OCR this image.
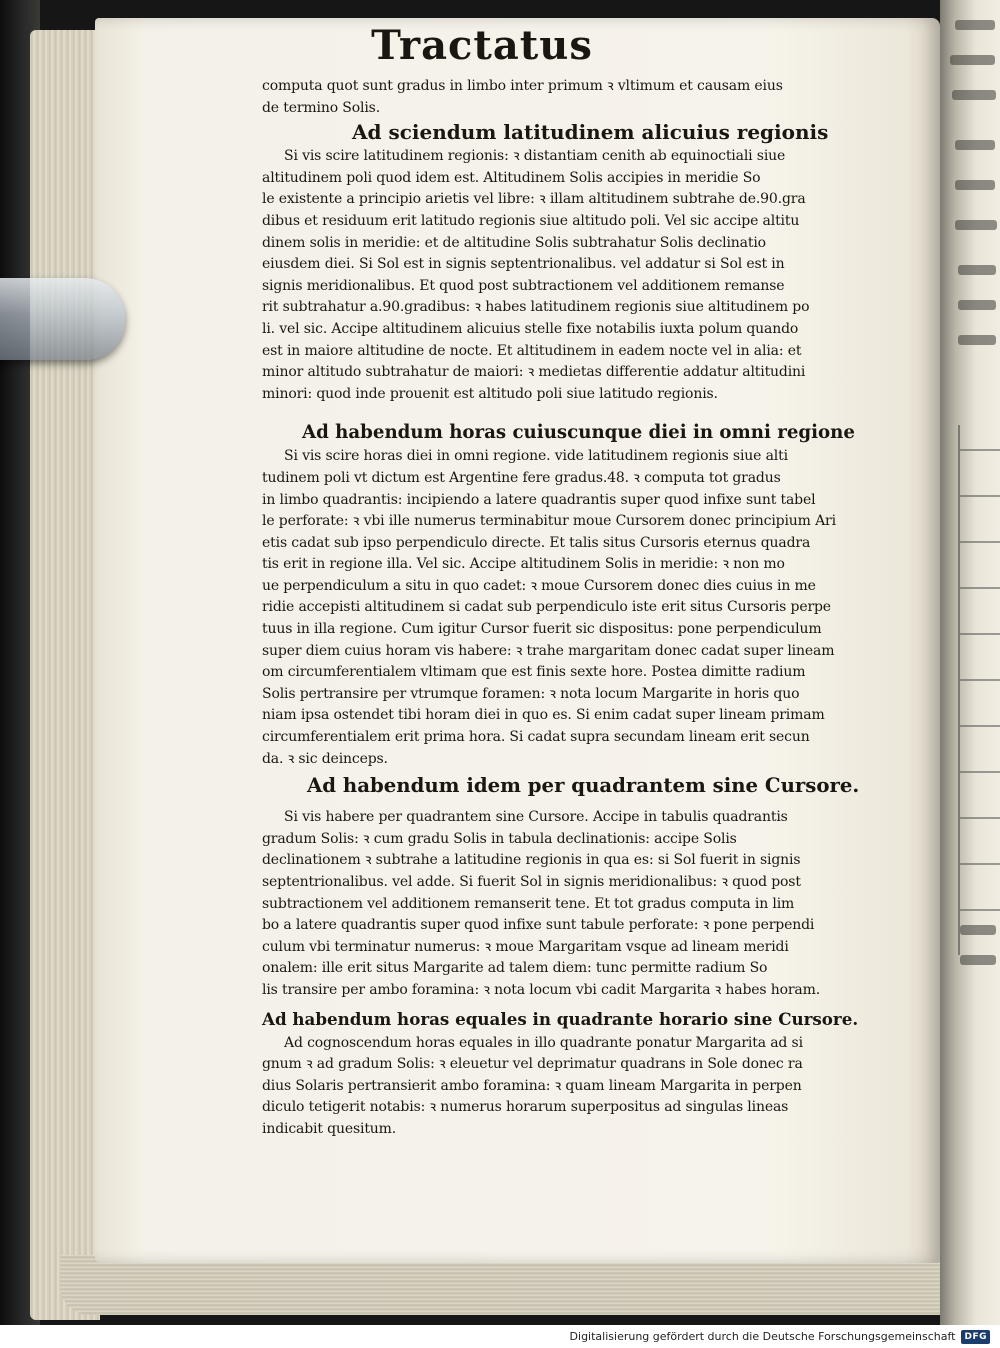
Tractatus
computa quot sunt gradus in limbo inter primum ꝛ vltimum et causam eius
de termino Solis.
Ad sciendum latitudinem alicuius regionis
Si vis scire latitudinem regionis: ꝛ distantiam cenith ab equinoctiali siue
altitudinem poli quod idem est. Altitudinem Solis accipies in meridie So
le existente a principio arietis vel libre: ꝛ illam altitudinem subtrahe de.90.gra
dibus et residuum erit latitudo regionis siue altitudo poli. Vel sic accipe altitu
dinem solis in meridie: et de altitudine Solis subtrahatur Solis declinatio
eiusdem diei. Si Sol est in signis septentrionalibus. vel addatur si Sol est in
signis meridionalibus. Et quod post subtractionem vel additionem remanse
rit subtrahatur a.90.gradibus: ꝛ habes latitudinem regionis siue altitudinem po
li. vel sic. Accipe altitudinem alicuius stelle fixe notabilis iuxta polum quando
est in maiore altitudine de nocte. Et altitudinem in eadem nocte vel in alia: et
minor altitudo subtrahatur de maiori: ꝛ medietas differentie addatur altitudini
minori: quod inde prouenit est altitudo poli siue latitudo regionis.
Ad habendum horas cuiuscunque diei in omni regione
Si vis scire horas diei in omni regione. vide latitudinem regionis siue alti
tudinem poli vt dictum est Argentine fere gradus.48. ꝛ computa tot gradus
in limbo quadrantis: incipiendo a latere quadrantis super quod infixe sunt tabel
le perforate: ꝛ vbi ille numerus terminabitur moue Cursorem donec principium Ari
etis cadat sub ipso perpendiculo directe. Et talis situs Cursoris eternus quadra
tis erit in regione illa. Vel sic. Accipe altitudinem Solis in meridie: ꝛ non mo
ue perpendiculum a situ in quo cadet: ꝛ moue Cursorem donec dies cuius in me
ridie accepisti altitudinem si cadat sub perpendiculo iste erit situs Cursoris perpe
tuus in illa regione. Cum igitur Cursor fuerit sic dispositus: pone perpendiculum
super diem cuius horam vis habere: ꝛ trahe margaritam donec cadat super lineam
om circumferentialem vltimam que est finis sexte hore. Postea dimitte radium
Solis pertransire per vtrumque foramen: ꝛ nota locum Margarite in horis quo
niam ipsa ostendet tibi horam diei in quo es. Si enim cadat super lineam primam
circumferentialem erit prima hora. Si cadat supra secundam lineam erit secun
da. ꝛ sic deinceps.
Ad habendum idem per quadrantem sine Cursore.
Si vis habere per quadrantem sine Cursore. Accipe in tabulis quadrantis
gradum Solis: ꝛ cum gradu Solis in tabula declinationis: accipe Solis
declinationem ꝛ subtrahe a latitudine regionis in qua es: si Sol fuerit in signis
septentrionalibus. vel adde. Si fuerit Sol in signis meridionalibus: ꝛ quod post
subtractionem vel additionem remanserit tene. Et tot gradus computa in lim
bo a latere quadrantis super quod infixe sunt tabule perforate: ꝛ pone perpendi
culum vbi terminatur numerus: ꝛ moue Margaritam vsque ad lineam meridi
onalem: ille erit situs Margarite ad talem diem: tunc permitte radium So
lis transire per ambo foramina: ꝛ nota locum vbi cadit Margarita ꝛ habes horam.
Ad habendum horas equales in quadrante horario sine Cursore.
Ad cognoscendum horas equales in illo quadrante ponatur Margarita ad si
gnum ꝛ ad gradum Solis: ꝛ eleuetur vel deprimatur quadrans in Sole donec ra
dius Solaris pertransierit ambo foramina: ꝛ quam lineam Margarita in perpen
diculo tetigerit notabis: ꝛ numerus horarum superpositus ad singulas lineas
indicabit quesitum.
Digitalisierung gefördert durch die Deutsche Forschungsgemeinschaft	DFG
